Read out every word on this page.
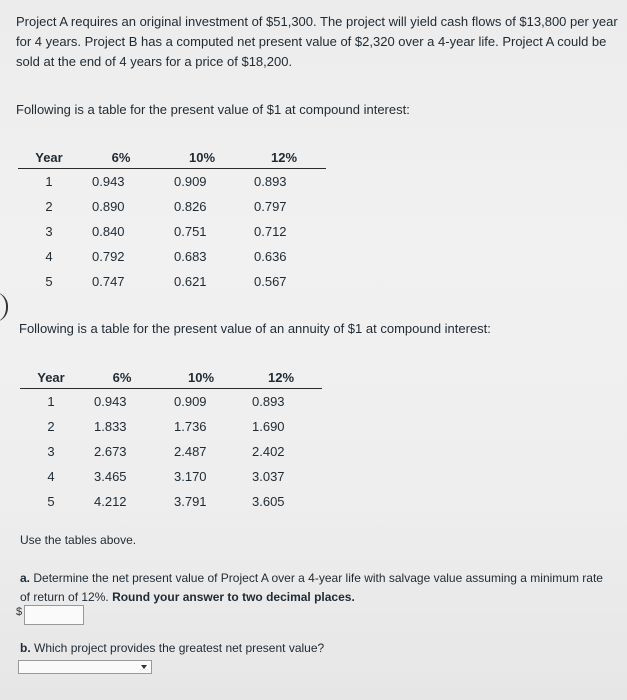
Project A requires an original investment of $51,300. The project will yield cash flows of $13,800 per year for 4 years. Project B has a computed net present value of $2,320 over a 4-year life. Project A could be sold at the end of 4 years for a price of $18,200.

Following is a table for the present value of $1 at compound interest:

Year	6%	10%	12%
1	0.943	0.909	0.893
2	0.890	0.826	0.797
3	0.840	0.751	0.712
4	0.792	0.683	0.636
5	0.747	0.621	0.567

Following is a table for the present value of an annuity of $1 at compound interest:

Year	6%	10%	12%
1	0.943	0.909	0.893
2	1.833	1.736	1.690
3	2.673	2.487	2.402
4	3.465	3.170	3.037
5	4.212	3.791	3.605

Use the tables above.

a. Determine the net present value of Project A over a 4-year life with salvage value assuming a minimum rate of return of 12%. Round your answer to two decimal places.

$

b. Which project provides the greatest net present value?
